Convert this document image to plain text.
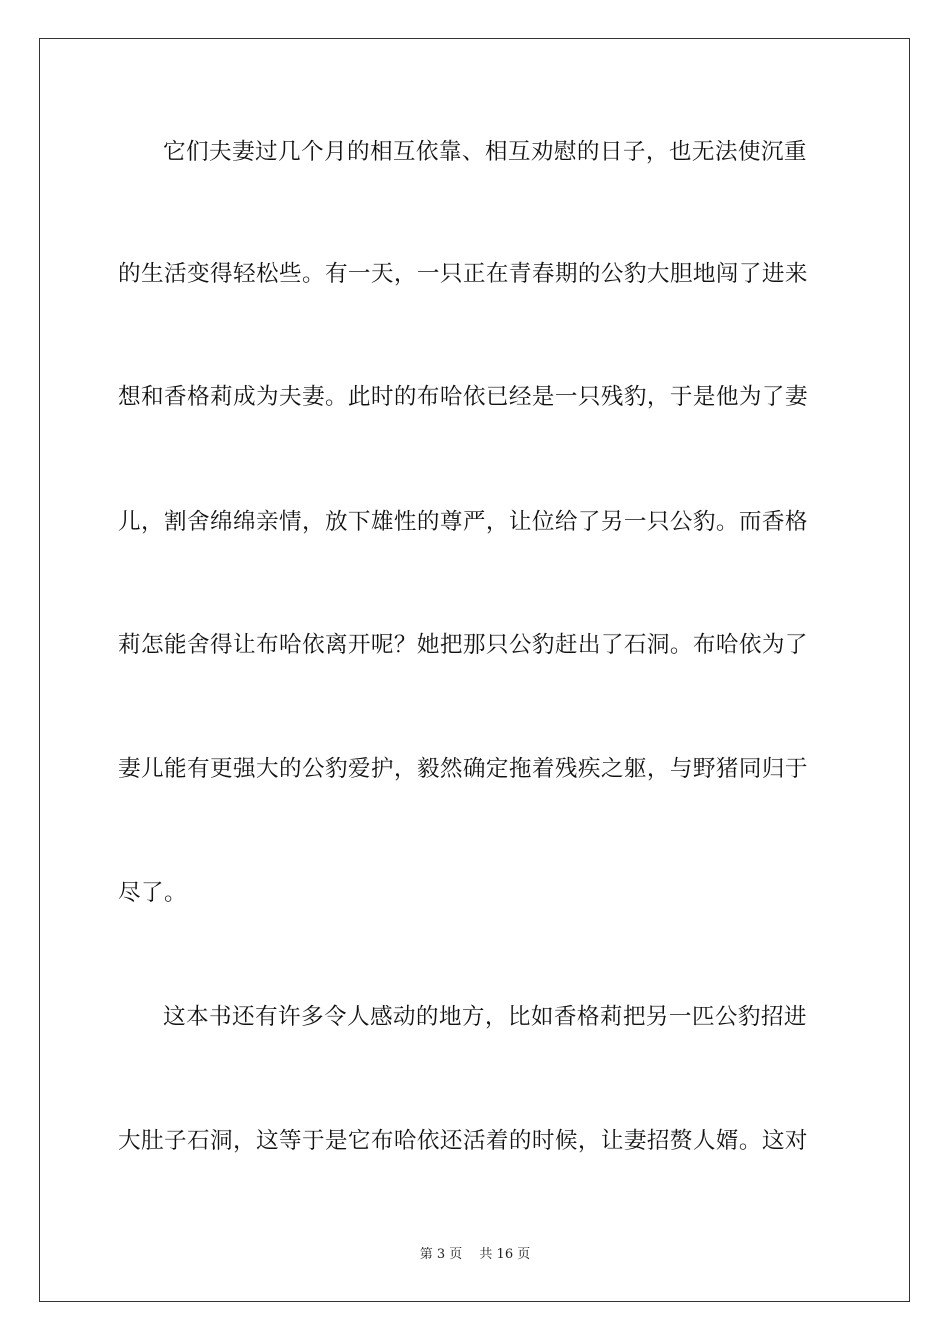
它们夫妻过几个月的相互依靠、相互劝慰的日子，也无法使沉重
的生活变得轻松些。有一天，一只正在青春期的公豹大胆地闯了进来
想和香格莉成为夫妻。此时的布哈依已经是一只残豹，于是他为了妻
儿，割舍绵绵亲情，放下雄性的尊严，让位给了另一只公豹。而香格
莉怎能舍得让布哈依离开呢？她把那只公豹赶出了石洞。布哈依为了
妻儿能有更强大的公豹爱护，毅然确定拖着残疾之躯，与野猪同归于
尽了。
这本书还有许多令人感动的地方，比如香格莉把另一匹公豹招进
大肚子石洞，这等于是它布哈依还活着的时候，让妻招赘人婿。这对
第 3 页　 共 16 页
